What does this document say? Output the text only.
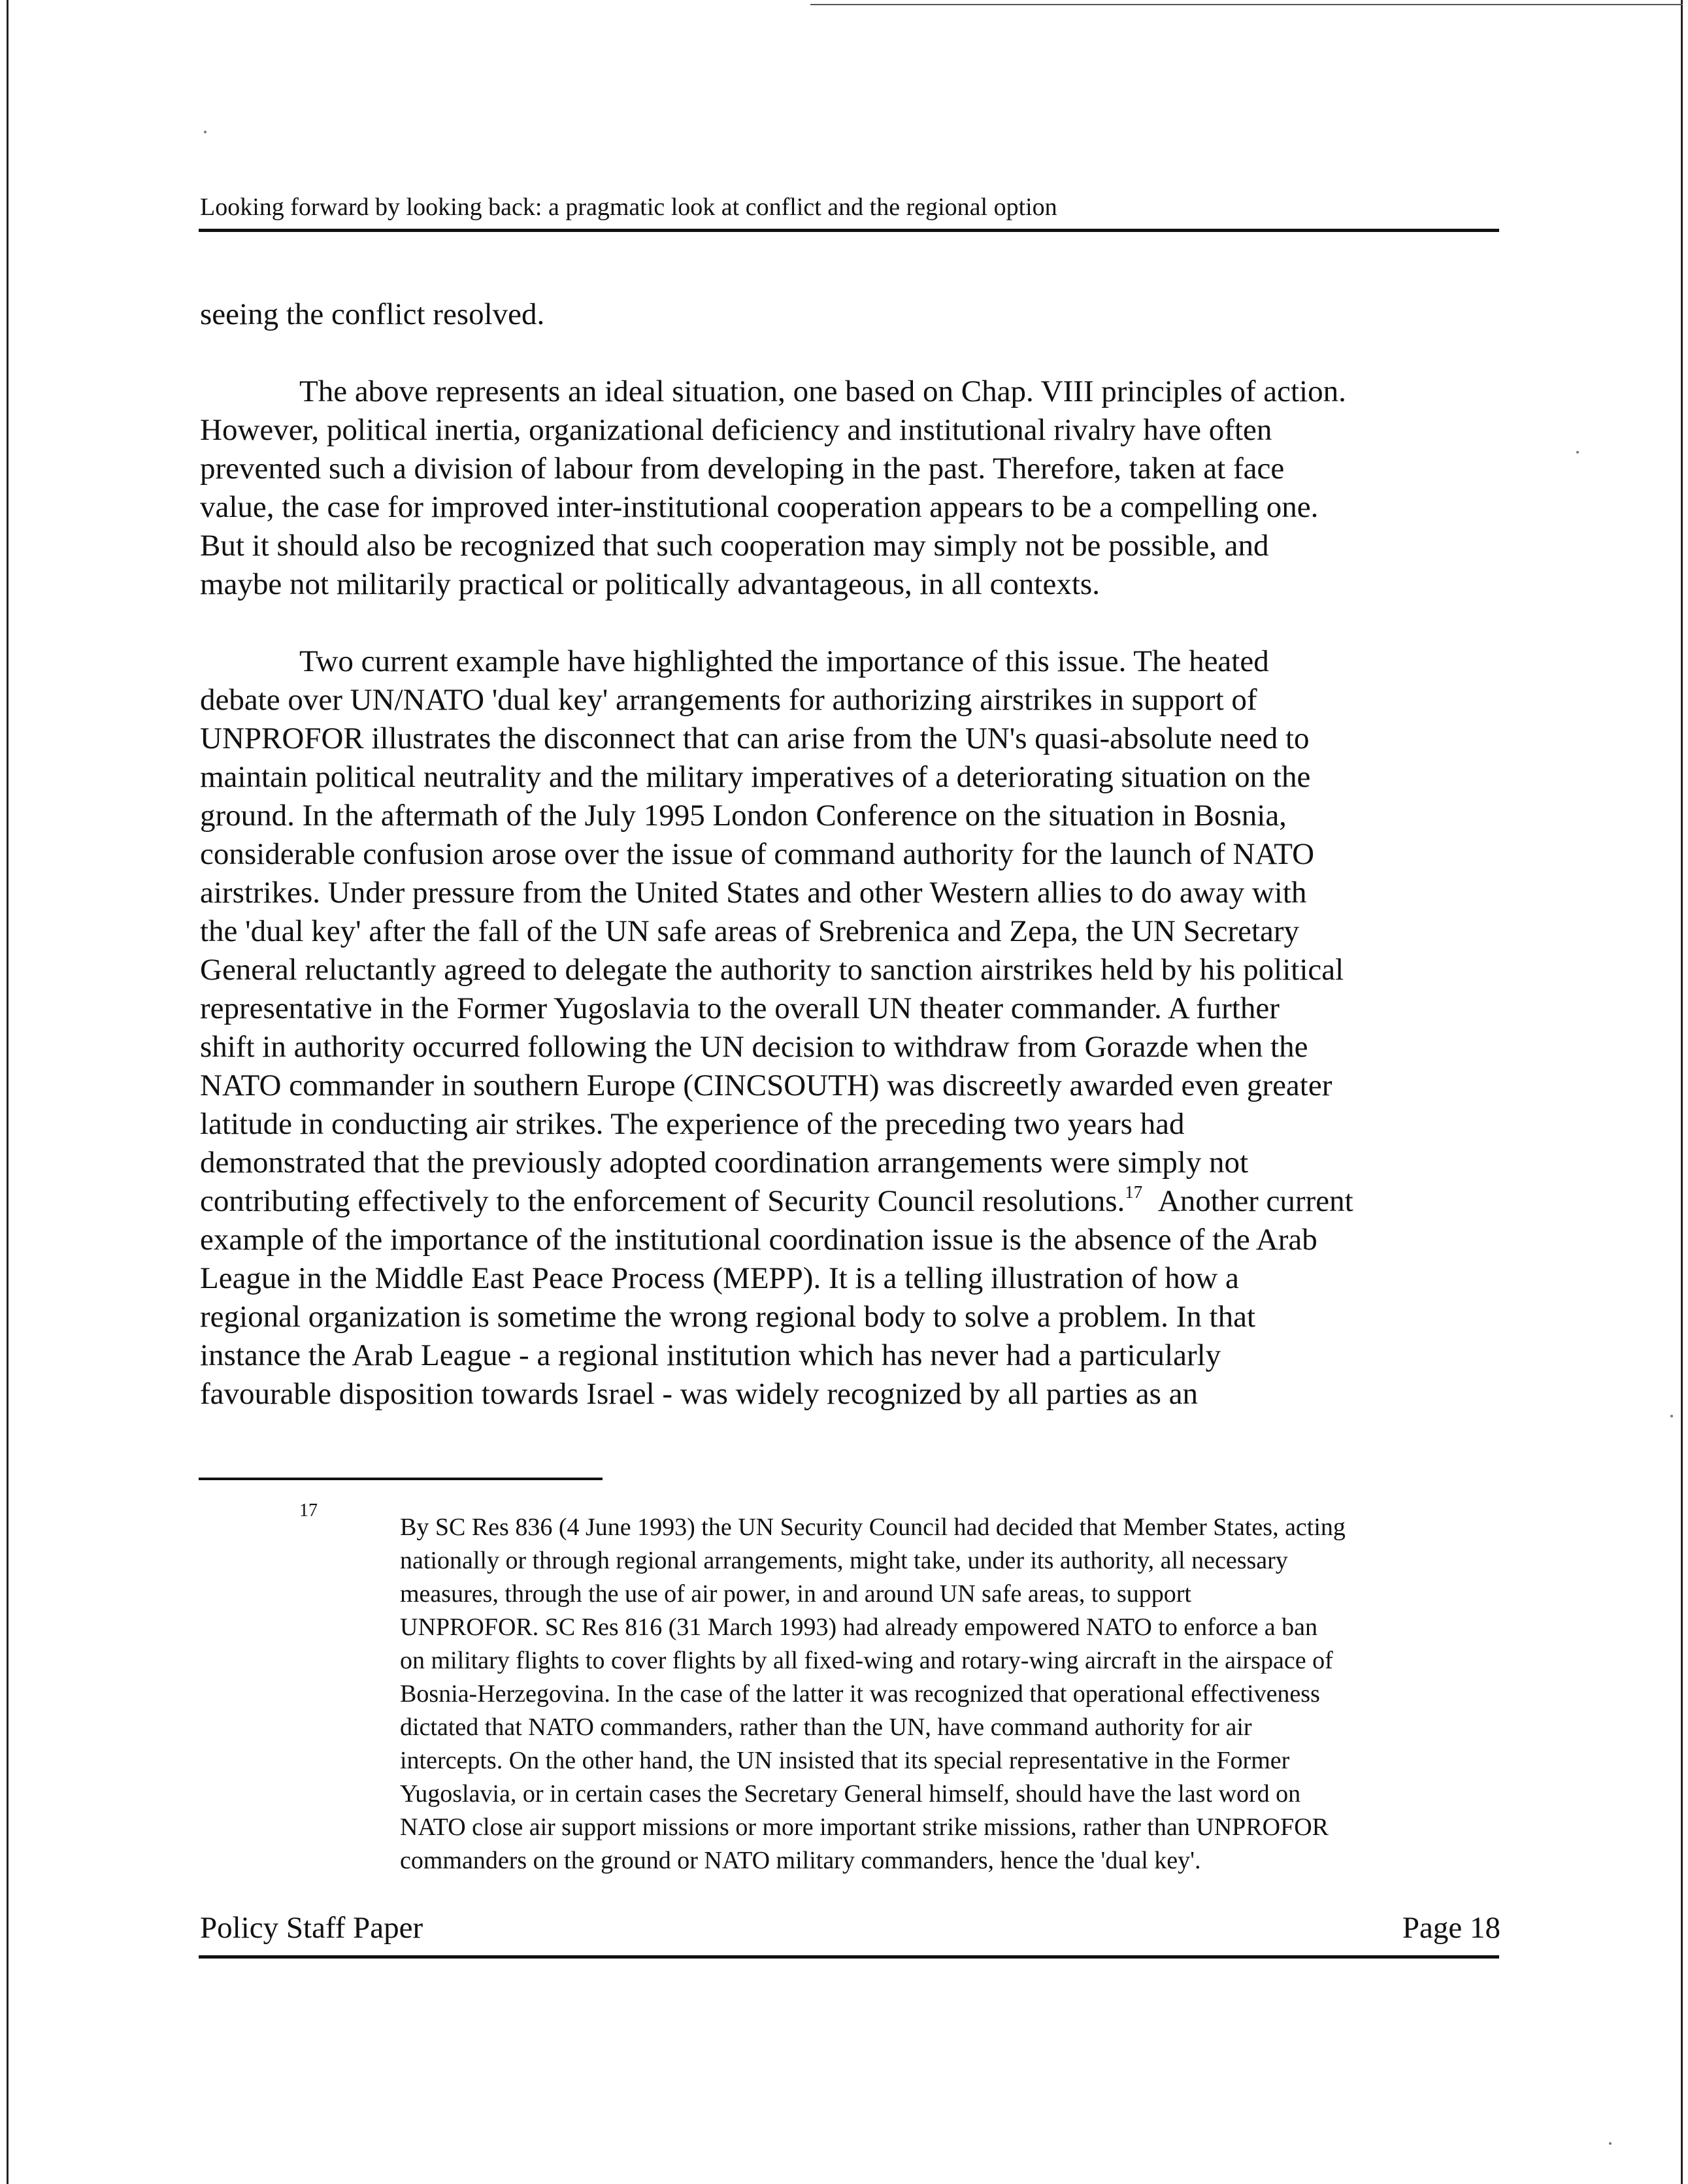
Looking forward by looking back: a pragmatic look at conflict and the regional option

seeing the conflict resolved.

The above represents an ideal situation, one based on Chap. VIII principles of action.

However, political inertia, organizational deficiency and institutional rivalry have often

prevented such a division of labour from developing in the past. Therefore, taken at face

value, the case for improved inter-institutional cooperation appears to be a compelling one.

But it should also be recognized that such cooperation may simply not be possible, and

maybe not militarily practical or politically advantageous, in all contexts.

Two current example have highlighted the importance of this issue. The heated

debate over UN/NATO 'dual key' arrangements for authorizing airstrikes in support of

UNPROFOR illustrates the disconnect that can arise from the UN's quasi-absolute need to

maintain political neutrality and the military imperatives of a deteriorating situation on the

ground. In the aftermath of the July 1995 London Conference on the situation in Bosnia,

considerable confusion arose over the issue of command authority for the launch of NATO

airstrikes. Under pressure from the United States and other Western allies to do away with

the 'dual key' after the fall of the UN safe areas of Srebrenica and Zepa, the UN Secretary

General reluctantly agreed to delegate the authority to sanction airstrikes held by his political

representative in the Former Yugoslavia to the overall UN theater commander. A further

shift in authority occurred following the UN decision to withdraw from Gorazde when the

NATO commander in southern Europe (CINCSOUTH) was discreetly awarded even greater

latitude in conducting air strikes. The experience of the preceding two years had

demonstrated that the previously adopted coordination arrangements were simply not

contributing effectively to the enforcement of Security Council resolutions.$^{17}$ Another current

example of the importance of the institutional coordination issue is the absence of the Arab

League in the Middle East Peace Process (MEPP). It is a telling illustration of how a

regional organization is sometime the wrong regional body to solve a problem. In that

instance the Arab League - a regional institution which has never had a particularly

favourable disposition towards Israel - was widely recognized by all parties as an

17

By SC Res 836 (4 June 1993) the UN Security Council had decided that Member States, acting

nationally or through regional arrangements, might take, under its authority, all necessary

measures, through the use of air power, in and around UN safe areas, to support

UNPROFOR. SC Res 816 (31 March 1993) had already empowered NATO to enforce a ban

on military flights to cover flights by all fixed-wing and rotary-wing aircraft in the airspace of

Bosnia-Herzegovina. In the case of the latter it was recognized that operational effectiveness

dictated that NATO commanders, rather than the UN, have command authority for air

intercepts. On the other hand, the UN insisted that its special representative in the Former

Yugoslavia, or in certain cases the Secretary General himself, should have the last word on

NATO close air support missions or more important strike missions, rather than UNPROFOR

commanders on the ground or NATO military commanders, hence the 'dual key'.

Policy Staff Paper	Page 18
